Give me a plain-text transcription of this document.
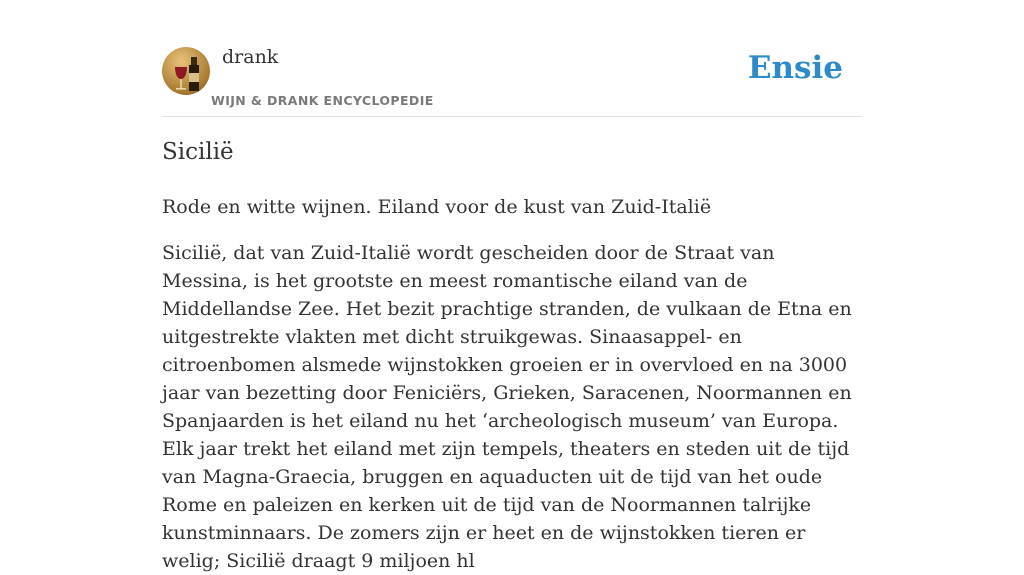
drank
WIJN & DRANK ENCYCLOPEDIE
Ensie
Sicilië

Rode en witte wijnen. Eiland voor de kust van Zuid-Italië

Sicilië, dat van Zuid-Italië wordt gescheiden door de Straat van Messina, is het grootste en meest romantische eiland van de Middellandse Zee. Het bezit prachtige stranden, de vulkaan de Etna en uitgestrekte vlakten met dicht struikgewas. Sinaasappel- en citroenbomen alsmede wijnstokken groeien er in overvloed en na 3000 jaar van bezetting door Feniciërs, Grieken, Saracenen, Noormannen en Spanjaarden is het eiland nu het ‘archeologisch museum’ van Europa. Elk jaar trekt het eiland met zijn tempels, theaters en steden uit de tijd van Magna-Graecia, bruggen en aquaducten uit de tijd van het oude Rome en paleizen en kerken uit de tijd van de Noormannen talrijke kunstminnaars. De zomers zijn er heet en de wijnstokken tieren er welig; Sicilië draagt 9 miljoen hl
